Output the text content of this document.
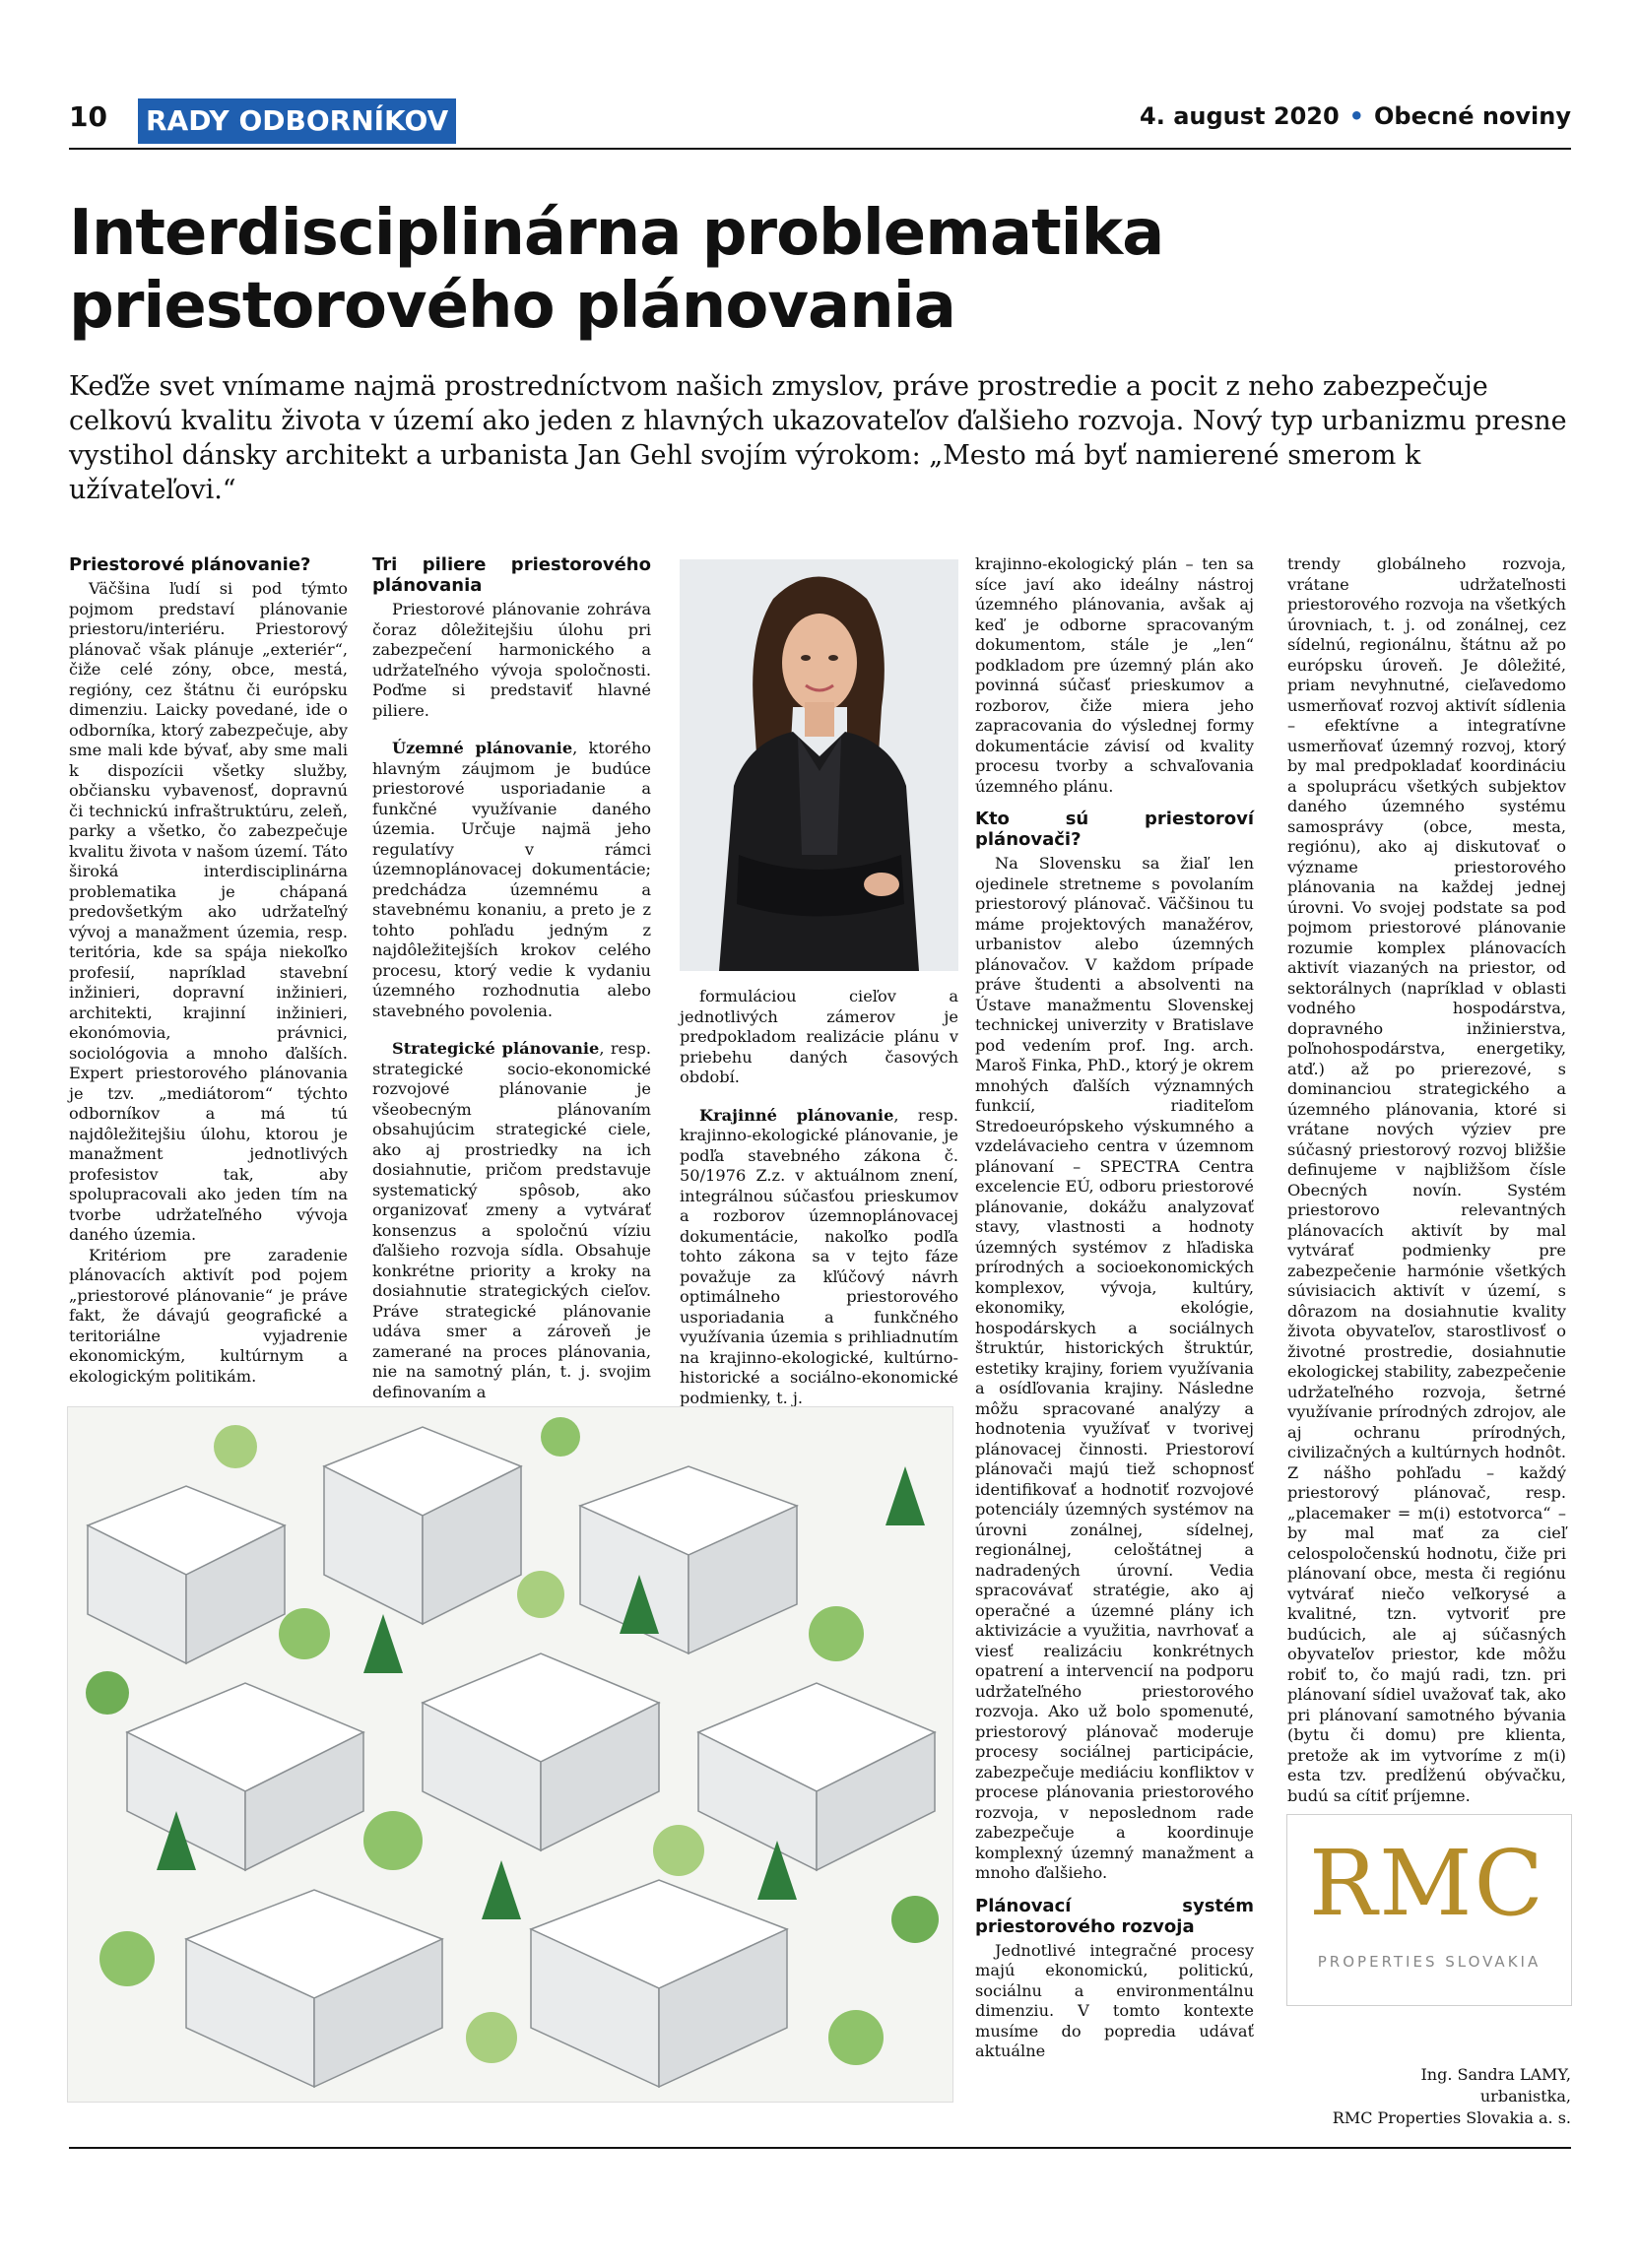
10 RADY ODBORNÍKOV	4. august 2020 • Obecné noviny
Interdisciplinárna problematika
priestorového plánovania

Keďže svet vnímame najmä prostredníctvom našich zmyslov, práve prostredie a pocit z neho zabezpečuje celkovú kvalitu života v území ako jeden z hlavných ukazovateľov ďalšieho rozvoja. Nový typ urbanizmu presne vystihol dánsky architekt a urbanista Jan Gehl svojím výrokom: „Mesto má byť namierené smerom k užívateľovi.“

Priestorové plánovanie?

Väčšina ľudí si pod týmto pojmom predstaví plánovanie priestoru/interiéru. Priestorový plánovač však plánuje „exteriér“, čiže celé zóny, obce, mestá, regióny, cez štátnu či európsku dimenziu. Laicky povedané, ide o odborníka, ktorý zabezpečuje, aby sme mali kde bývať, aby sme mali k dispozícii všetky služby, občiansku vybavenosť, dopravnú či technickú infraštruktúru, zeleň, parky a všetko, čo zabezpečuje kvalitu života v našom území. Táto široká interdisciplinárna problematika je chápaná predovšetkým ako udržateľný vývoj a manažment územia, resp. teritória, kde sa spája niekoľko profesií, napríklad stavební inžinieri, dopravní inžinieri, architekti, krajinní inžinieri, ekonómovia, právnici, sociológovia a mnoho ďalších. Expert priestorového plánovania je tzv. „mediátorom“ týchto odborníkov a má tú najdôležitejšiu úlohu, ktorou je manažment jednotlivých profesistov tak, aby spolupracovali ako jeden tím na tvorbe udržateľného vývoja daného územia.

Kritériom pre zaradenie plánovacích aktivít pod pojem „priestorové plánovanie“ je práve fakt, že dávajú geografické a teritoriálne vyjadrenie ekonomickým, kultúrnym a ekologickým politikám.

Tri piliere priestorového plánovania

Priestorové plánovanie zohráva čoraz dôležitejšiu úlohu pri zabezpečení harmonického a udržateľného vývoja spoločnosti. Poďme si predstaviť hlavné piliere.

Územné plánovanie, ktorého hlavným záujmom je budúce priestorové usporiadanie a funkčné využívanie daného územia. Určuje najmä jeho regulatívy v rámci územnoplánovacej dokumentácie; predchádza územnému a stavebnému konaniu, a preto je z tohto pohľadu jedným z najdôležitejších krokov celého procesu, ktorý vedie k vydaniu územného rozhodnutia alebo stavebného povolenia.

Strategické plánovanie, resp. strategické socio-ekonomické rozvojové plánovanie je všeobecným plánovaním obsahujúcim strategické ciele, ako aj prostriedky na ich dosiahnutie, pričom predstavuje systematický spôsob, ako organizovať zmeny a vytvárať konsenzus a spoločnú víziu ďalšieho rozvoja sídla. Obsahuje konkrétne priority a kroky na dosiahnutie strategických cieľov. Práve strategické plánovanie udáva smer a zároveň je zamerané na proces plánovania, nie na samotný plán, t. j. svojim definovaním a

formuláciou cieľov a jednotlivých zámerov je predpokladom realizácie plánu v priebehu daných časových období.

Krajinné plánovanie, resp. krajinno-ekologické plánovanie, je podľa stavebného zákona č. 50/1976 Z.z. v aktuálnom znení, integrálnou súčasťou prieskumov a rozborov územnoplánovacej dokumentácie, nakoľko podľa tohto zákona sa v tejto fáze považuje za kľúčový návrh optimálneho priestorového usporiadania a funkčného využívania územia s prihliadnutím na krajinno-ekologické, kultúrno-historické a sociálno-ekonomické podmienky, t. j.

krajinno-ekologický plán – ten sa síce javí ako ideálny nástroj územného plánovania, avšak aj keď je odborne spracovaným dokumentom, stále je „len“ podkladom pre územný plán ako povinná súčasť prieskumov a rozborov, čiže miera jeho zapracovania do výslednej formy dokumentácie závisí od kvality procesu tvorby a schvaľovania územného plánu.

Kto sú priestoroví plánovači?

Na Slovensku sa žiaľ len ojedinele stretneme s povolaním priestorový plánovač. Väčšinou tu máme projektových manažérov, urbanistov alebo územných plánovačov. V každom prípade práve študenti a absolventi na Ústave manažmentu Slovenskej technickej univerzity v Bratislave pod vedením prof. Ing. arch. Maroš Finka, PhD., ktorý je okrem mnohých ďalších významných funkcií, riaditeľom Stredoeurópskeho výskumného a vzdelávacieho centra v územnom plánovaní – SPECTRA Centra excelencie EÚ, odboru priestorové plánovanie, dokážu analyzovať stavy, vlastnosti a hodnoty územných systémov z hľadiska prírodných a socioekonomických komplexov, vývoja, kultúry, ekonomiky, ekológie, hospodárskych a sociálnych štruktúr, historických štruktúr, estetiky krajiny, foriem využívania a osídľovania krajiny. Následne môžu spracované analýzy a hodnotenia využívať v tvorivej plánovacej činnosti. Priestoroví plánovači majú tiež schopnosť identifikovať a hodnotiť rozvojové potenciály územných systémov na úrovni zonálnej, sídelnej, regionálnej, celoštátnej a nadradených úrovní. Vedia spracovávať stratégie, ako aj operačné a územné plány ich aktivizácie a využitia, navrhovať a viesť realizáciu konkrétnych opatrení a intervencií na podporu udržateľného priestorového rozvoja. Ako už bolo spomenuté, priestorový plánovač moderuje procesy sociálnej participácie, zabezpečuje mediáciu konfliktov v procese plánovania priestorového rozvoja, v neposlednom rade zabezpečuje a koordinuje komplexný územný manažment a mnoho ďalšieho.

Plánovací systém priestorového rozvoja

Jednotlivé integračné procesy majú ekonomickú, politickú, sociálnu a environmentálnu dimenziu. V tomto kontexte musíme do popredia udávať aktuálne

trendy globálneho rozvoja, vrátane udržateľnosti priestorového rozvoja na všetkých úrovniach, t. j. od zonálnej, cez sídelnú, regionálnu, štátnu až po európsku úroveň. Je dôležité, priam nevyhnutné, cieľavedomo usmerňovať rozvoj aktivít sídlenia – efektívne a integratívne usmerňovať územný rozvoj, ktorý by mal predpokladať koordináciu a spoluprácu všetkých subjektov daného územného systému samosprávy (obce, mesta, regiónu), ako aj diskutovať o význame priestorového plánovania na každej jednej úrovni. Vo svojej podstate sa pod pojmom priestorové plánovanie rozumie komplex plánovacích aktivít viazaných na priestor, od sektorálnych (napríklad v oblasti vodného hospodárstva, dopravného inžinierstva, poľnohospodárstva, energetiky, atď.) až po prierezové, s dominanciou strategického a územného plánovania, ktoré si vrátane nových výziev pre súčasný priestorový rozvoj bližšie definujeme v najbližšom čísle Obecných novín. Systém priestorovo relevantných plánovacích aktivít by mal vytvárať podmienky pre zabezpečenie harmónie všetkých súvisiacich aktivít v území, s dôrazom na dosiahnutie kvality života obyvateľov, starostlivosť o životné prostredie, dosiahnutie ekologickej stability, zabezpečenie udržateľného rozvoja, šetrné využívanie prírodných zdrojov, ale aj ochranu prírodných, civilizačných a kultúrnych hodnôt. Z nášho pohľadu – každý priestorový plánovač, resp. „placemaker = m(i) estotvorca“ – by mal mať za cieľ celospoločenskú hodnotu, čiže pri plánovaní obce, mesta či regiónu vytvárať niečo veľkorysé a kvalitné, tzn. vytvoriť pre budúcich, ale aj súčasných obyvateľov priestor, kde môžu robiť to, čo majú radi, tzn. pri plánovaní sídiel uvažovať tak, ako pri plánovaní samotného bývania (bytu či domu) pre klienta, pretože ak im vytvoríme z m(i) esta tzv. predĺženú obývačku, budú sa cítiť príjemne.

RMC
PROPERTIES SLOVAKIA
Ing. Sandra LAMY,
urbanistka,
RMC Properties Slovakia a. s.
